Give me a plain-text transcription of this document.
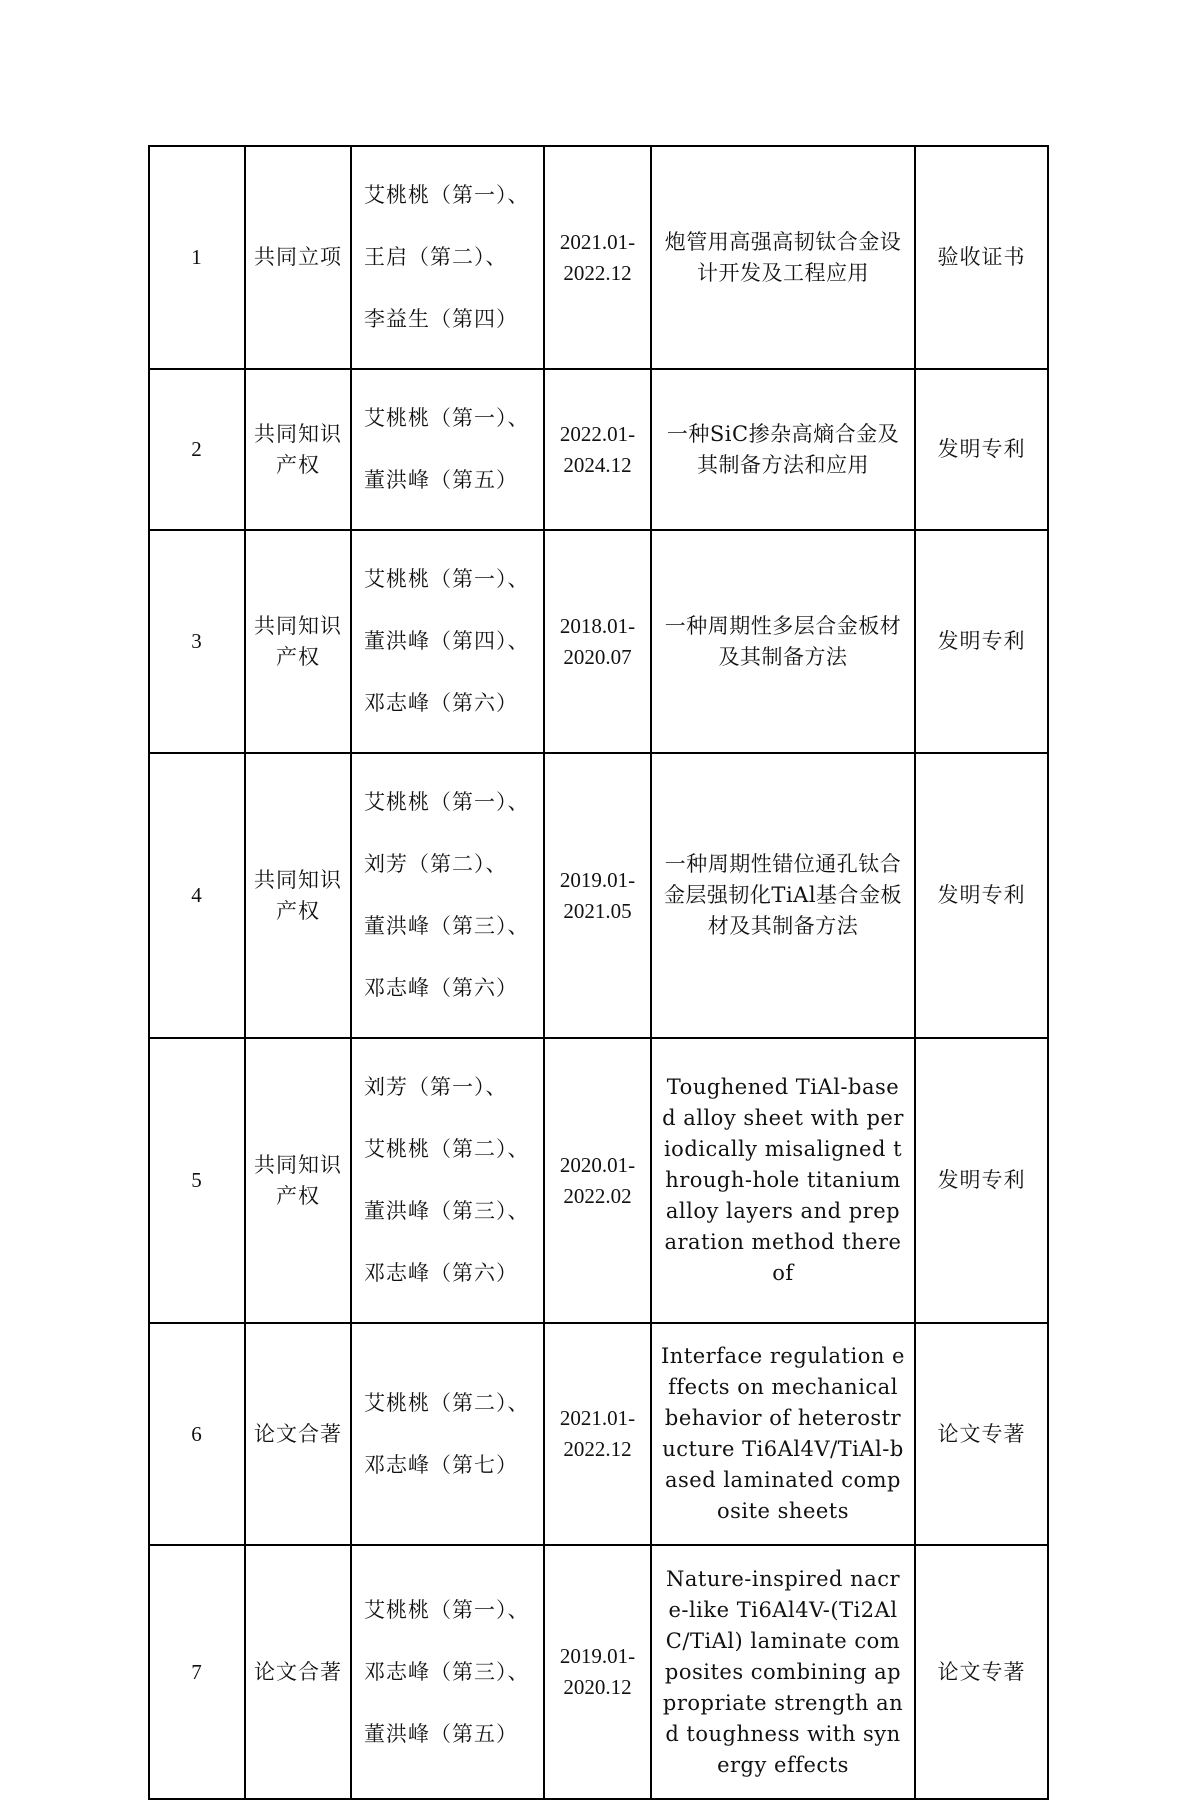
1	共同立项	艾桃桃（第一）、

王启（第二）、

李益生（第四）	2021.01-2022.12	炮管用高强高韧钛合金设计开发及工程应用	验收证书
2	共同知识产权	艾桃桃（第一）、

董洪峰（第五）	2022.01-2024.12	一种SiC掺杂高熵合金及其制备方法和应用	发明专利
3	共同知识产权	艾桃桃（第一）、

董洪峰（第四）、

邓志峰（第六）	2018.01-2020.07	一种周期性多层合金板材及其制备方法	发明专利
4	共同知识产权	艾桃桃（第一）、

刘芳（第二）、

董洪峰（第三）、

邓志峰（第六）	2019.01-2021.05	一种周期性错位通孔钛合金层强韧化TiAl基合金板材及其制备方法	发明专利
5	共同知识产权	刘芳（第一）、

艾桃桃（第二）、

董洪峰（第三）、

邓志峰（第六）	2020.01-2022.02	Toughened TiAl-based alloy sheet with periodically misaligned through-hole titanium alloy layers and preparation method thereof	发明专利
6	论文合著	艾桃桃（第二）、

邓志峰（第七）	2021.01-2022.12	Interface regulation effects on mechanical behavior of heterostructure Ti6Al4V/TiAl-based laminated composite sheets	论文专著
7	论文合著	艾桃桃（第一）、

邓志峰（第三）、

董洪峰（第五）	2019.01-2020.12	Nature-inspired nacre-like Ti6Al4V-(Ti2AlC/TiAl) laminate composites combining appropriate strength and toughness with synergy effects	论文专著
